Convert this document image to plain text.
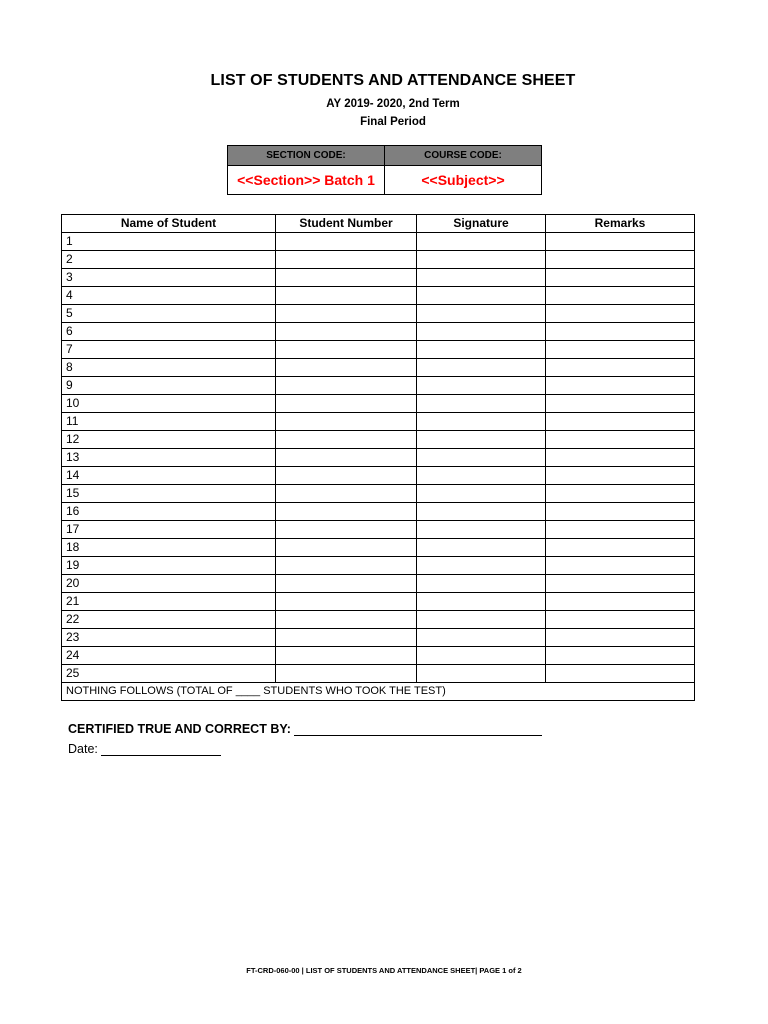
LIST OF STUDENTS AND ATTENDANCE SHEET
AY 2019- 2020, 2nd Term
Final Period
SECTION CODE:	COURSE CODE:
<<Section>> Batch 1	<<Subject>>
Name of Student	Student Number	Signature	Remarks
1			
2			
3			
4			
5			
6			
7			
8			
9			
10			
11			
12			
13			
14			
15			
16			
17			
18			
19			
20			
21			
22			
23			
24			
25			
NOTHING FOLLOWS (TOTAL OF ____ STUDENTS WHO TOOK THE TEST)			
CERTIFIED TRUE AND CORRECT BY:
Date:
FT-CRD-060-00 | LIST OF STUDENTS AND ATTENDANCE SHEET| PAGE 1 of 2
